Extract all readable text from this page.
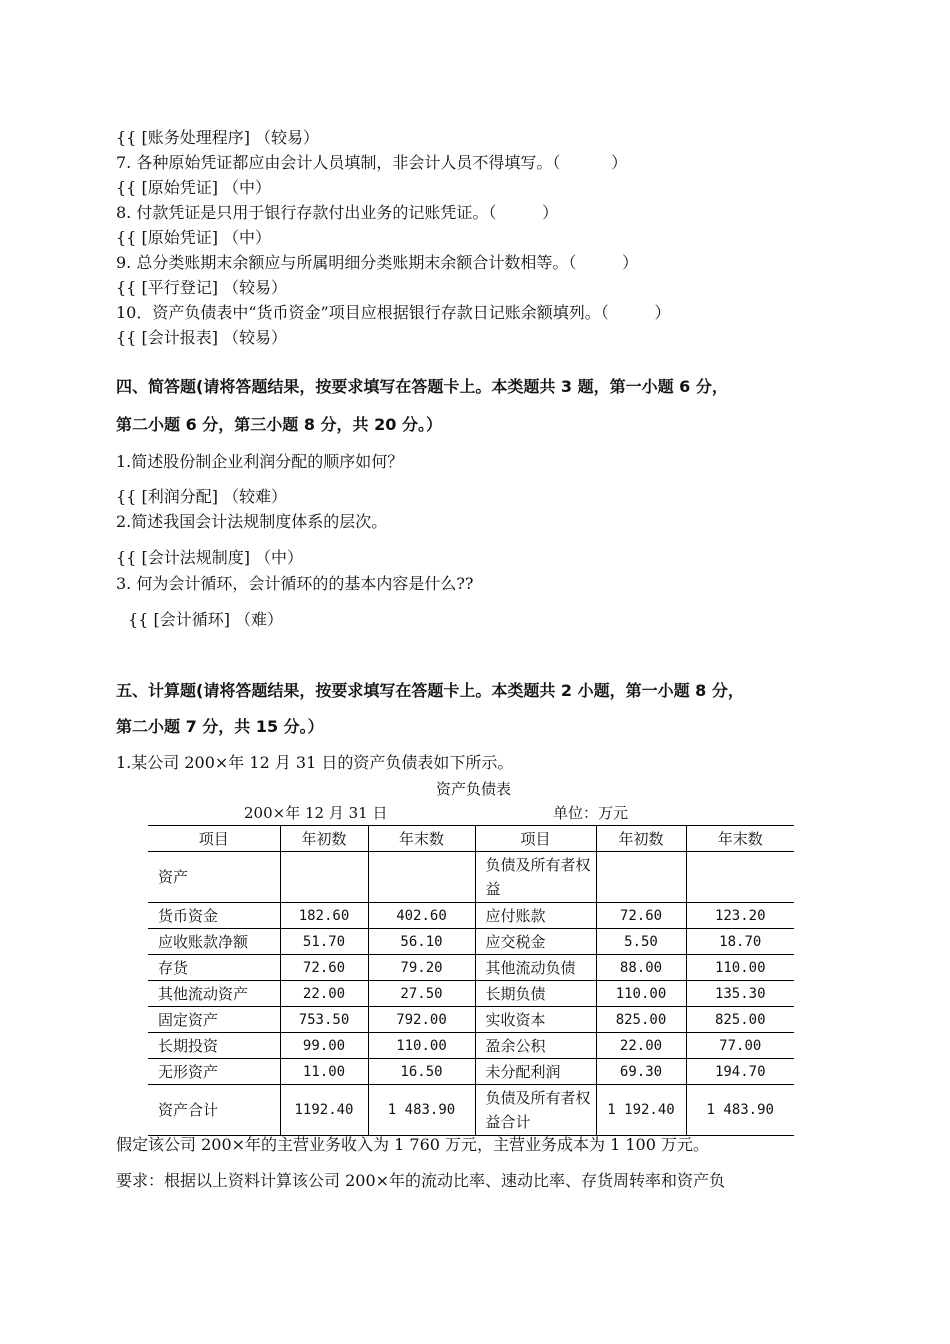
{{ [账务处理程序] （较易）
7. 各种原始凭证都应由会计人员填制，非会计人员不得填写。（          ）
{{ [原始凭证] （中）
8. 付款凭证是只用于银行存款付出业务的记账凭证。（         ）
{{ [原始凭证] （中）
9. 总分类账期末余额应与所属明细分类账期末余额合计数相等。（         ）
{{ [平行登记] （较易）
10．资产负债表中“货币资金”项目应根据银行存款日记账余额填列。（         ）
{{ [会计报表] （较易）
四、简答题(请将答题结果，按要求填写在答题卡上。本类题共 3 题，第一小题 6 分，
第二小题 6 分，第三小题 8 分，共 20 分。）
1.简述股份制企业利润分配的顺序如何？
{{ [利润分配] （较难）
2.简述我国会计法规制度体系的层次。
{{ [会计法规制度] （中）
3. 何为会计循环，会计循环的的基本内容是什么??
{{ [会计循环] （难）
五、计算题(请将答题结果，按要求填写在答题卡上。本类题共 2 小题，第一小题 8 分，
第二小题 7 分，共 15 分。）
1.某公司 200×年 12 月 31 日的资产负债表如下所示。
资产负债表
200×年 12 月 31 日	单位：万元
项目	年初数	年末数	项目	年初数	年末数
资产			负债及所有者权益		
货币资金	182.60	402.60	应付账款	72.60	123.20
应收账款净额	51.70	56.10	应交税金	5.50	18.70
存货	72.60	79.20	其他流动负债	88.00	110.00
其他流动资产	22.00	27.50	长期负债	110.00	135.30
固定资产	753.50	792.00	实收资本	825.00	825.00
长期投资	99.00	110.00	盈余公积	22.00	77.00
无形资产	11.00	16.50	未分配利润	69.30	194.70
资产合计	1192.40	1 483.90	负债及所有者权益合计	1 192.40	1 483.90
假定该公司 200×年的主营业务收入为 1 760 万元，主营业务成本为 1 100 万元。
要求：根据以上资料计算该公司 200×年的流动比率、速动比率、存货周转率和资产负
